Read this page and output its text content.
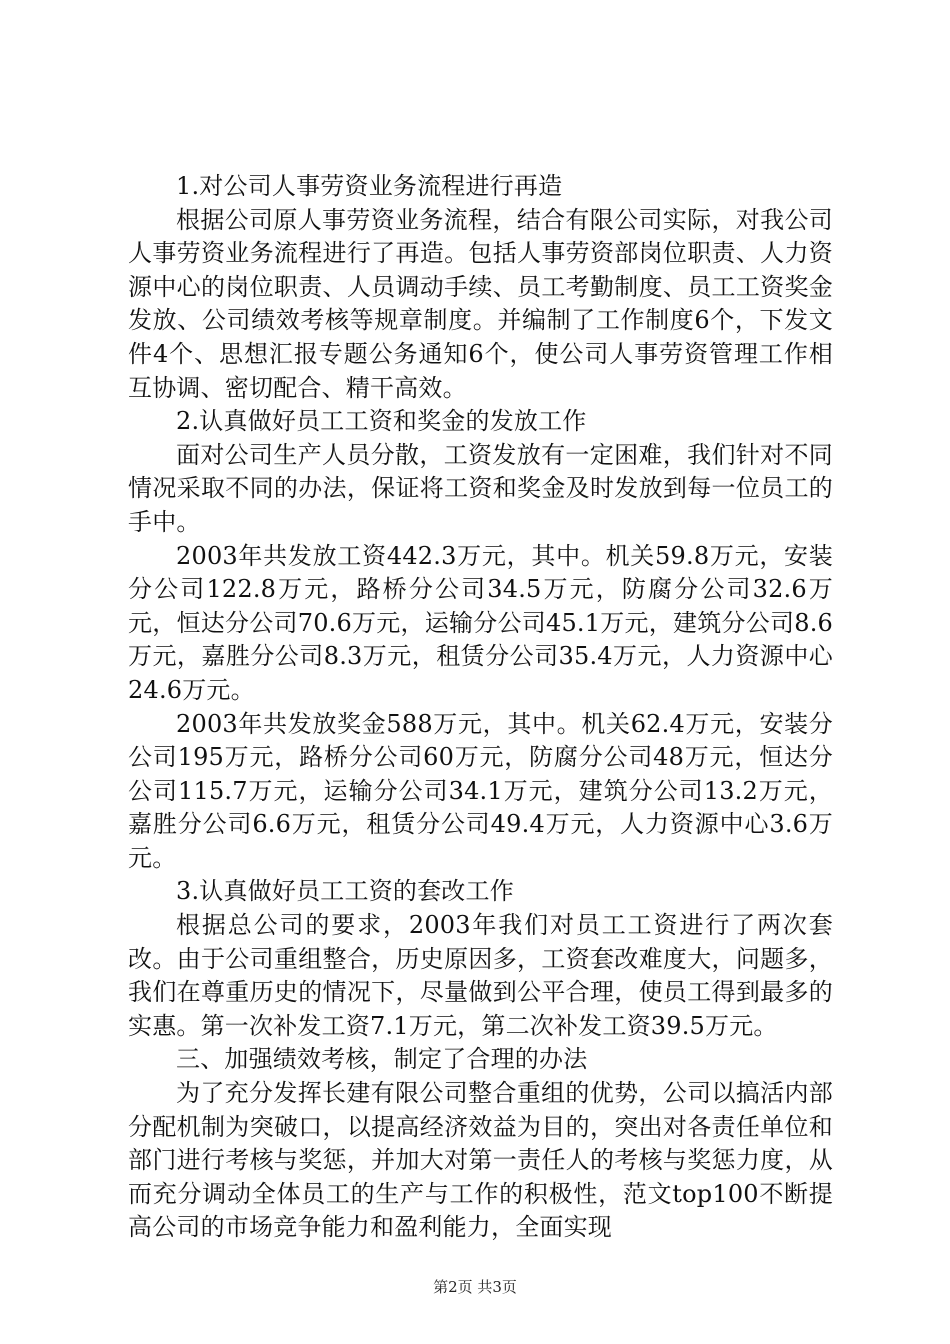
1.对公司人事劳资业务流程进行再造

根据公司原人事劳资业务流程，结合有限公司实际，对我公司人事劳资业务流程进行了再造。包括人事劳资部岗位职责、人力资源中心的岗位职责、人员调动手续、员工考勤制度、员工工资奖金发放、公司绩效考核等规章制度。并编制了工作制度6个，下发文件4个、思想汇报专题公务通知6个，使公司人事劳资管理工作相互协调、密切配合、精干高效。

2.认真做好员工工资和奖金的发放工作

面对公司生产人员分散，工资发放有一定困难，我们针对不同情况采取不同的办法，保证将工资和奖金及时发放到每一位员工的手中。

2003年共发放工资442.3万元，其中。机关59.8万元，安装分公司122.8万元，路桥分公司34.5万元，防腐分公司32.6万元，恒达分公司70.6万元，运输分公司45.1万元，建筑分公司8.6万元，嘉胜分公司8.3万元，租赁分公司35.4万元，人力资源中心24.6万元。

2003年共发放奖金588万元，其中。机关62.4万元，安装分公司195万元，路桥分公司60万元，防腐分公司48万元，恒达分公司115.7万元，运输分公司34.1万元，建筑分公司13.2万元，嘉胜分公司6.6万元，租赁分公司49.4万元，人力资源中心3.6万元。

3.认真做好员工工资的套改工作

根据总公司的要求，2003年我们对员工工资进行了两次套改。由于公司重组整合，历史原因多，工资套改难度大，问题多，我们在尊重历史的情况下，尽量做到公平合理，使员工得到最多的实惠。第一次补发工资7.1万元，第二次补发工资39.5万元。

三、加强绩效考核，制定了合理的办法

为了充分发挥长建有限公司整合重组的优势，公司以搞活内部分配机制为突破口，以提高经济效益为目的，突出对各责任单位和部门进行考核与奖惩，并加大对第一责任人的考核与奖惩力度，从而充分调动全体员工的生产与工作的积极性，范文top100不断提高公司的市场竞争能力和盈利能力，全面实现

第2页 共3页
